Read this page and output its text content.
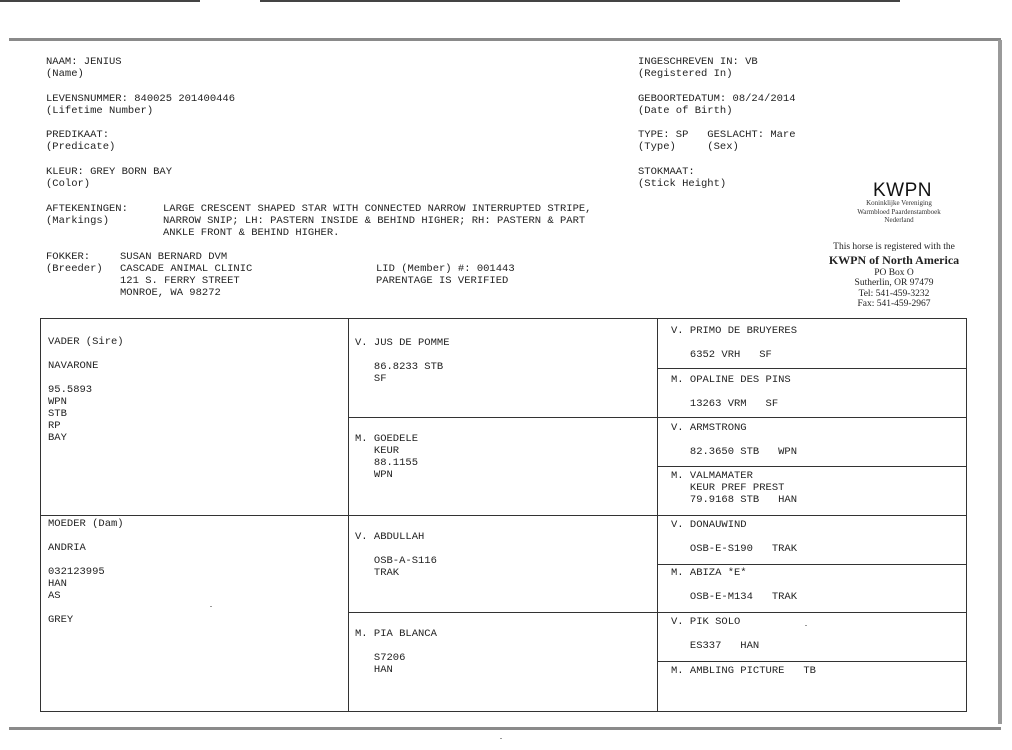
NAAM: JENIUS
(Name)
LEVENSNUMMER: 840025 201400446
(Lifetime Number)
PREDIKAAT:
(Predicate)
KLEUR: GREY BORN BAY
(Color)
AFTEKENINGEN:
(Markings)
LARGE CRESCENT SHAPED STAR WITH CONNECTED NARROW INTERRUPTED STRIPE,
NARROW SNIP; LH: PASTERN INSIDE & BEHIND HIGHER; RH: PASTERN & PART
ANKLE FRONT & BEHIND HIGHER.
FOKKER:
(Breeder)
SUSAN BERNARD DVM
CASCADE ANIMAL CLINIC
121 S. FERRY STREET
MONROE, WA 98272
LID (Member) #: 001443
PARENTAGE IS VERIFIED
INGESCHREVEN IN: VB
(Registered In)
GEBOORTEDATUM: 08/24/2014
(Date of Birth)
TYPE: SP   GESLACHT: Mare
(Type)     (Sex)
STOKMAAT:
(Stick Height)	KWPN
Koninklijke Vereniging
Warmbloed Paardenstamboek
Nederland
This horse is registered with the
KWPN of North America
PO Box O
Sutherlin, OR 97479
Tel: 541-459-3232
Fax: 541-459-2967
VADER (Sire)

NAVARONE

95.5893
WPN
STB
RP
BAY
MOEDER (Dam)

ANDRIA

032123995
HAN
AS

GREY
V. JUS DE POMME

86.8233 STB
SF
M. GOEDELE
KEUR
88.1155
WPN
V. ABDULLAH

OSB-A-S116
TRAK
M. PIA BLANCA

S7206
HAN
V. PRIMO DE BRUYERES

6352 VRH   SF
M. OPALINE DES PINS

13263 VRM   SF
V. ARMSTRONG

82.3650 STB   WPN
M. VALMAMATER
KEUR PREF PREST
79.9168 STB   HAN
V. DONAUWIND

OSB-E-S190   TRAK
M. ABIZA *E*

OSB-E-M134   TRAK
V. PIK SOLO

ES337   HAN
M. AMBLING PICTURE   TB
